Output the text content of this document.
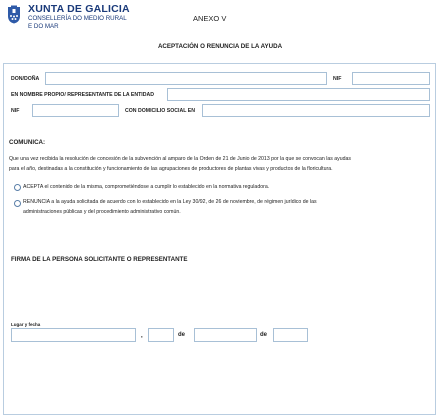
XUNTA DE GALICIA
CONSELLERÍA DO MEDIO RURAL
E DO MAR
ANEXO V
ACEPTACIÓN O RENUNCIA DE LA AYUDA
DON/DOÑA	NIF
EN NOMBRE PROPIO/ REPRESENTANTE DE LA ENTIDAD
NIF	CON DOMICILIO SOCIAL EN
COMUNICA:
Que una vez recibida la resolución de concesión de la subvención al amparo de la Orden de 21 de Junio de 2013 por la que se convocan las ayudas
para el año, destinadas a la constitución y funcionamiento de las agrupaciones de productores de plantas vivas y productos de la floricultura.
ACEPTA el contenido de la misma, comprometiéndose a cumplir lo establecido en la normativa reguladora.
RENUNCIA a la ayuda solicitada de acuerdo con lo establecido en la Ley 30/92, de 26 de noviembre, de régimen jurídico de las
administraciones públicas y del procedimiento administrativo común.
FIRMA DE LA PERSONA SOLICITANTE O REPRESENTANTE
Lugar y fecha
,	de	de
